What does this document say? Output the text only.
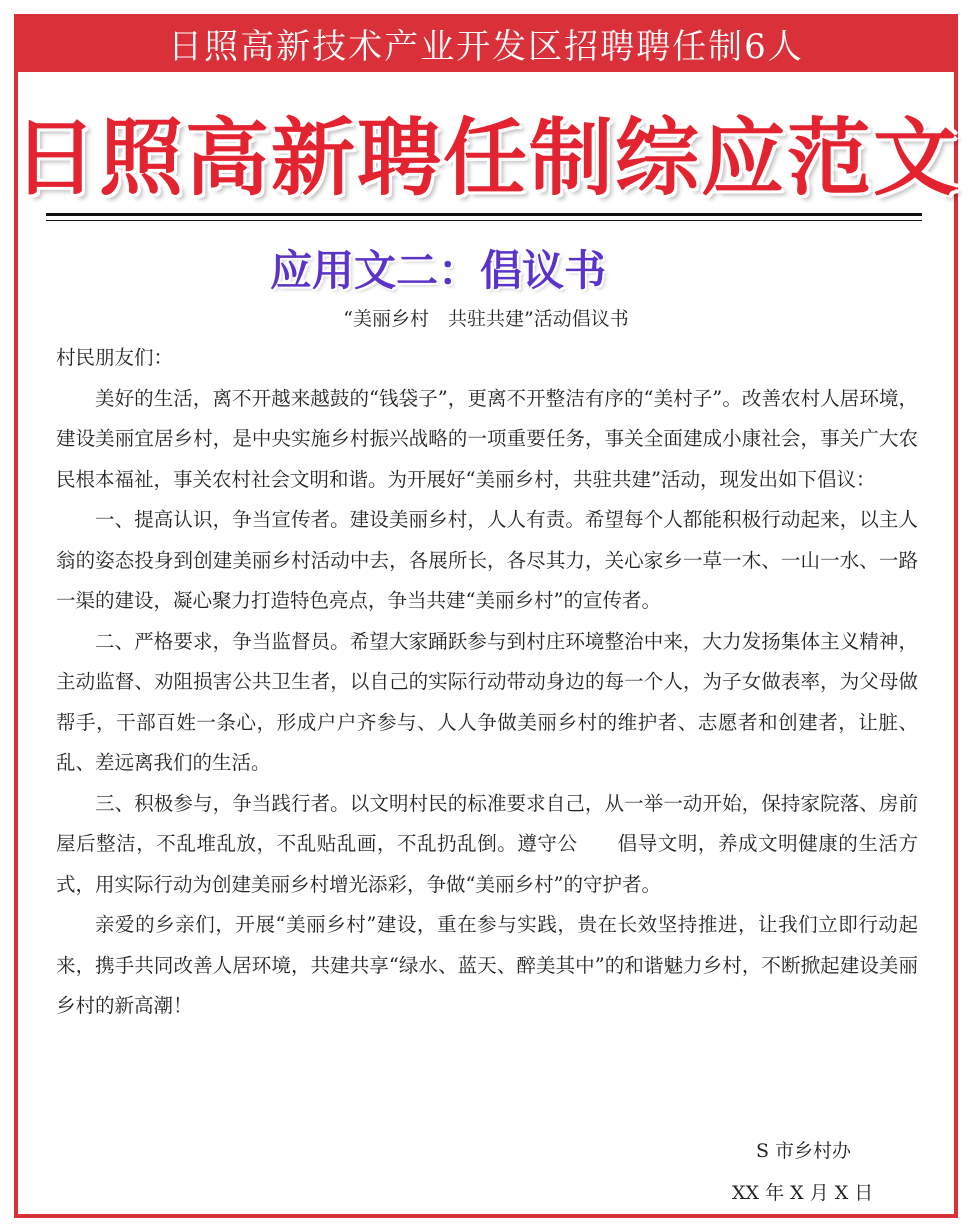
日照高新技术产业开发区招聘聘任制6人
日照高新聘任制综应范文
应用文二：倡议书
“美丽乡村　共驻共建”活动倡议书

村民朋友们：

美好的生活，离不开越来越鼓的“钱袋子”，更离不开整洁有序的“美村子”。改善农村人居环境，建设美丽宜居乡村，是中央实施乡村振兴战略的一项重要任务，事关全面建成小康社会，事关广大农民根本福祉，事关农村社会文明和谐。为开展好“美丽乡村，共驻共建”活动，现发出如下倡议：

一、提高认识，争当宣传者。建设美丽乡村，人人有责。希望每个人都能积极行动起来，以主人翁的姿态投身到创建美丽乡村活动中去，各展所长，各尽其力，关心家乡一草一木、一山一水、一路一渠的建设，凝心聚力打造特色亮点，争当共建“美丽乡村”的宣传者。

二、严格要求，争当监督员。希望大家踊跃参与到村庄环境整治中来，大力发扬集体主义精神，主动监督、劝阻损害公共卫生者，以自己的实际行动带动身边的每一个人，为子女做表率，为父母做帮手，干部百姓一条心，形成户户齐参与、人人争做美丽乡村的维护者、志愿者和创建者，让脏、乱、差远离我们的生活。

三、积极参与，争当践行者。以文明村民的标准要求自己，从一举一动开始，保持家院落、房前屋后整洁，不乱堆乱放，不乱贴乱画，不乱扔乱倒。遵守公　　倡导文明，养成文明健康的生活方式，用实际行动为创建美丽乡村增光添彩，争做“美丽乡村”的守护者。

亲爱的乡亲们，开展“美丽乡村”建设，重在参与实践，贵在长效坚持推进，让我们立即行动起来，携手共同改善人居环境，共建共享“绿水、蓝天、醉美其中”的和谐魅力乡村，不断掀起建设美丽乡村的新高潮！

S 市乡村办
XX 年 X 月 X 日
